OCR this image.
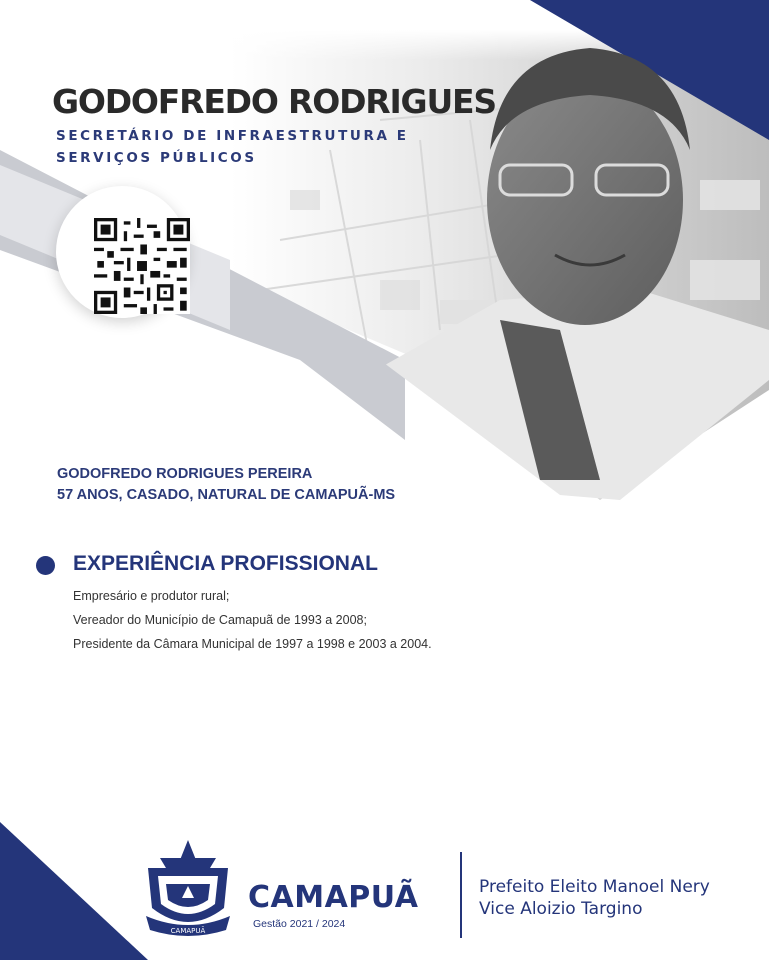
GODOFREDO RODRIGUES
SECRETÁRIO DE INFRAESTRUTURA E
SERVIÇOS PÚBLICOS
GODOFREDO RODRIGUES PEREIRA
57 ANOS, CASADO, NATURAL DE CAMAPUÃ-MS
EXPERIÊNCIA PROFISSIONAL
Empresário e produtor rural;
Vereador do Município de Camapuã de 1993 a 2008;
Presidente da Câmara Municipal de 1997 a 1998 e 2003 a 2004.
CAMAPUÃ
CAMAPUÃ
Gestão 2021 / 2024
Prefeito Eleito Manoel Nery
Vice Aloizio Targino
